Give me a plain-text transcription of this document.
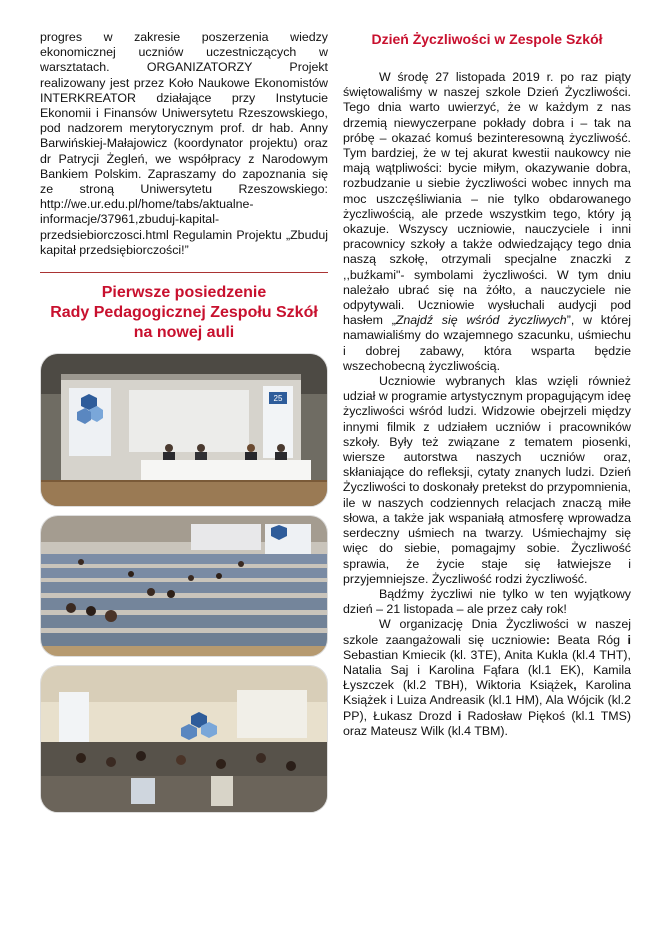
progres w zakresie poszerzenia wiedzy ekonomicznej uczniów uczestniczących w warsztatach. ORGANIZATORZY Projekt realizowany jest przez Koło Naukowe Ekonomistów INTERKREATOR działające przy Instytucie Ekonomii i Finansów Uniwersytetu Rzeszowskiego, pod nadzorem merytorycznym prof. dr hab. Anny Barwińskiej-Małajowicz (koordynator projektu) oraz dr Patrycji Żegleń, we współpracy z Narodowym Bankiem Polskim. Zapraszamy do zapoznania się ze stroną Uniwersytetu Rzeszowskiego: http://we.ur.edu.pl/home/tabs/aktualne-informacje/37961,zbuduj-kapital-przedsiebiorczosci.html Regulamin Projektu „Zbuduj kapitał przedsiębiorczości!”

Pierwsze posiedzenie
Rady Pedagogicznej Zespołu Szkół
na nowej auli
25
Dzień Życzliwości w Zespole Szkół

W środę 27 listopada 2019 r. po raz piąty świętowaliśmy w naszej szkole Dzień Życzliwości. Tego dnia warto uwierzyć, że w każdym z nas drzemią niewyczerpane pokłady dobra i – tak na próbę – okazać komuś bezinteresowną życzliwość. Tym bardziej, że w tej akurat kwestii naukowcy nie mają wątpliwości: bycie miłym, okazywanie dobra, rozbudzanie u siebie życzliwości wobec innych ma moc uszczęśliwiania – nie tylko obdarowanego życzliwością, ale przede wszystkim tego, który ją okazuje. Wszyscy uczniowie, nauczyciele i inni pracownicy szkoły a także odwiedzający tego dnia naszą szkołę, otrzymali specjalne znaczki z ,,buźkami"- symbolami życzliwości. W tym dniu należało ubrać się na żółto, a nauczyciele nie odpytywali. Uczniowie wysłuchali audycji pod hasłem „Znajdź się wśród życzliwych”, w której namawialiśmy do wzajemnego szacunku, uśmiechu i dobrej zabawy, która wsparta będzie wszechobecną życzliwością.

Uczniowie wybranych klas wzięli również udział w programie artystycznym propagującym ideę życzliwości wśród ludzi. Widzowie obejrzeli między innymi filmik z udziałem uczniów i pracowników szkoły. Były też związane z tematem piosenki, wiersze autorstwa naszych uczniów oraz, skłaniające do refleksji, cytaty znanych ludzi. Dzień Życzliwości to doskonały pretekst do przypomnienia, ile w naszych codziennych relacjach znaczą miłe słowa, a także jak wspaniałą atmosferę wprowadza serdeczny uśmiech na twarzy. Uśmiechajmy się więc do siebie, pomagajmy sobie. Życzliwość sprawia, że życie staje się łatwiejsze i przyjemniejsze. Życzliwość rodzi życzliwość.

Bądźmy życzliwi nie tylko w ten wyjątkowy dzień – 21 listopada – ale przez cały rok!

W organizację Dnia Życzliwości w naszej szkole zaangażowali się uczniowie: Beata Róg i Sebastian Kmiecik (kl. 3TE), Anita Kukla (kl.4 THT), Natalia Saj i Karolina Fąfara (kl.1 EK), Kamila Łyszczek (kl.2 TBH), Wiktoria Książek, Karolina Książek i Luiza Andreasik (kl.1 HM), Ala Wójcik (kl.2 PP), Łukasz Drozd i Radosław Piękoś (kl.1 TMS) oraz Mateusz Wilk (kl.4 TBM).
